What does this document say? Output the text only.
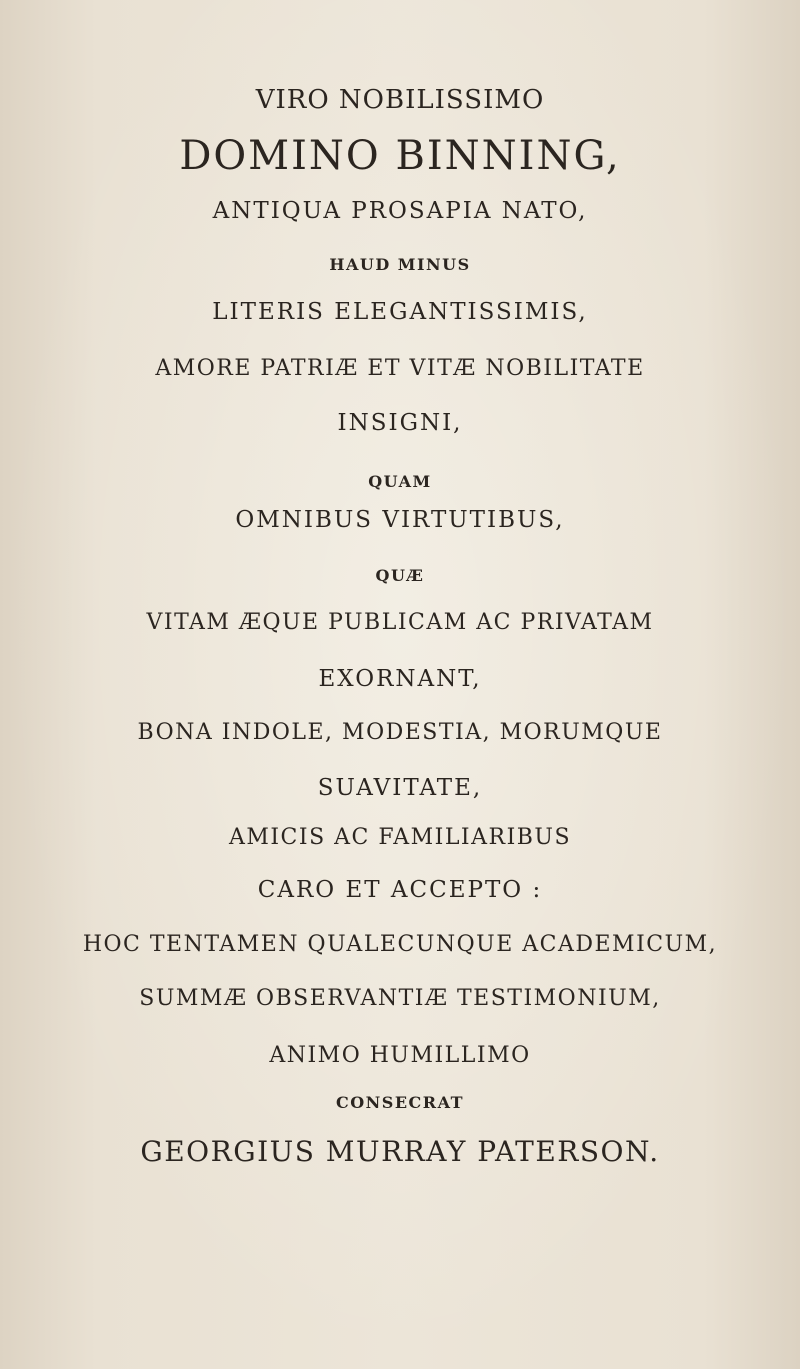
VIRO NOBILISSIMO

DOMINO BINNING,

ANTIQUA PROSAPIA NATO,

HAUD MINUS

LITERIS ELEGANTISSIMIS,

AMORE PATRIÆ ET VITÆ NOBILITATE

INSIGNI,

QUAM

OMNIBUS VIRTUTIBUS,

QUÆ

VITAM ÆQUE PUBLICAM AC PRIVATAM

EXORNANT,

BONA INDOLE, MODESTIA, MORUMQUE

SUAVITATE,

AMICIS AC FAMILIARIBUS

CARO ET ACCEPTO :

HOC TENTAMEN QUALECUNQUE ACADEMICUM,

SUMMÆ OBSERVANTIÆ TESTIMONIUM,

ANIMO HUMILLIMO

CONSECRAT

GEORGIUS MURRAY PATERSON.
